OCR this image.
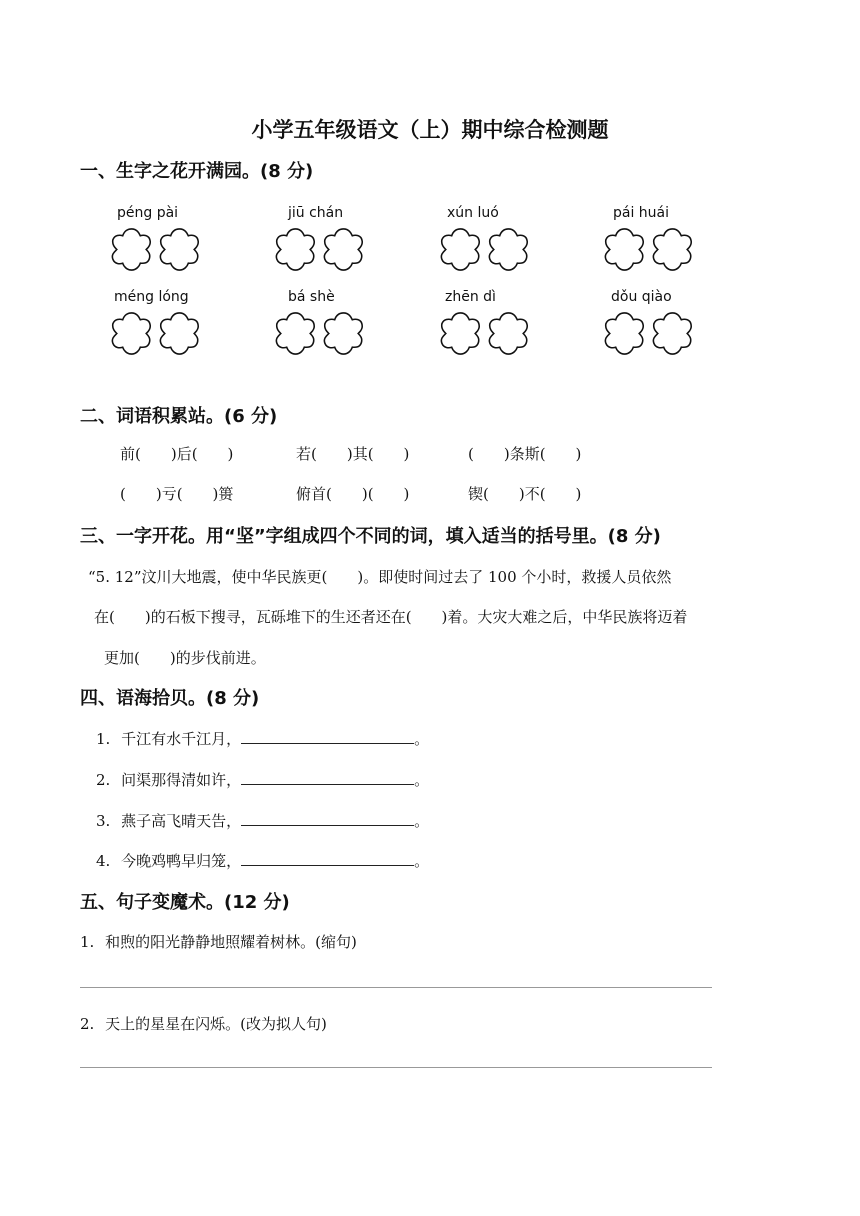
小学五年级语文（上）期中综合检测题
一、生字之花开满园。(8 分)
péng pài	jiū chán	xún luó	pái huái
méng lóng	bá shè	zhēn dì	dǒu qiào
二、词语积累站。(6 分)
前(　　)后(　　)	若(　　)其(　　)	(　　)条斯(　　)
(　　)亏(　　)篑	俯首(　　)(　　)	锲(　　)不(　　)
三、一字开花。用“坚”字组成四个不同的词，填入适当的括号里。(8 分)
“5. 12”汶川大地震，使中华民族更(　　)。即使时间过去了 100 个小时，救援人员依然
在(　　)的石板下搜寻，瓦砾堆下的生还者还在(　　)着。大灾大难之后，中华民族将迈着
更加(　　)的步伐前进。
四、语海拾贝。(8 分)
1. 千江有水千江月，	。
2. 问渠那得清如许，	。
3. 燕子高飞晴天告，	。
4. 今晚鸡鸭早归笼，	。
五、句子变魔术。(12 分)
1. 和煦的阳光静静地照耀着树林。(缩句)
2. 天上的星星在闪烁。(改为拟人句)
